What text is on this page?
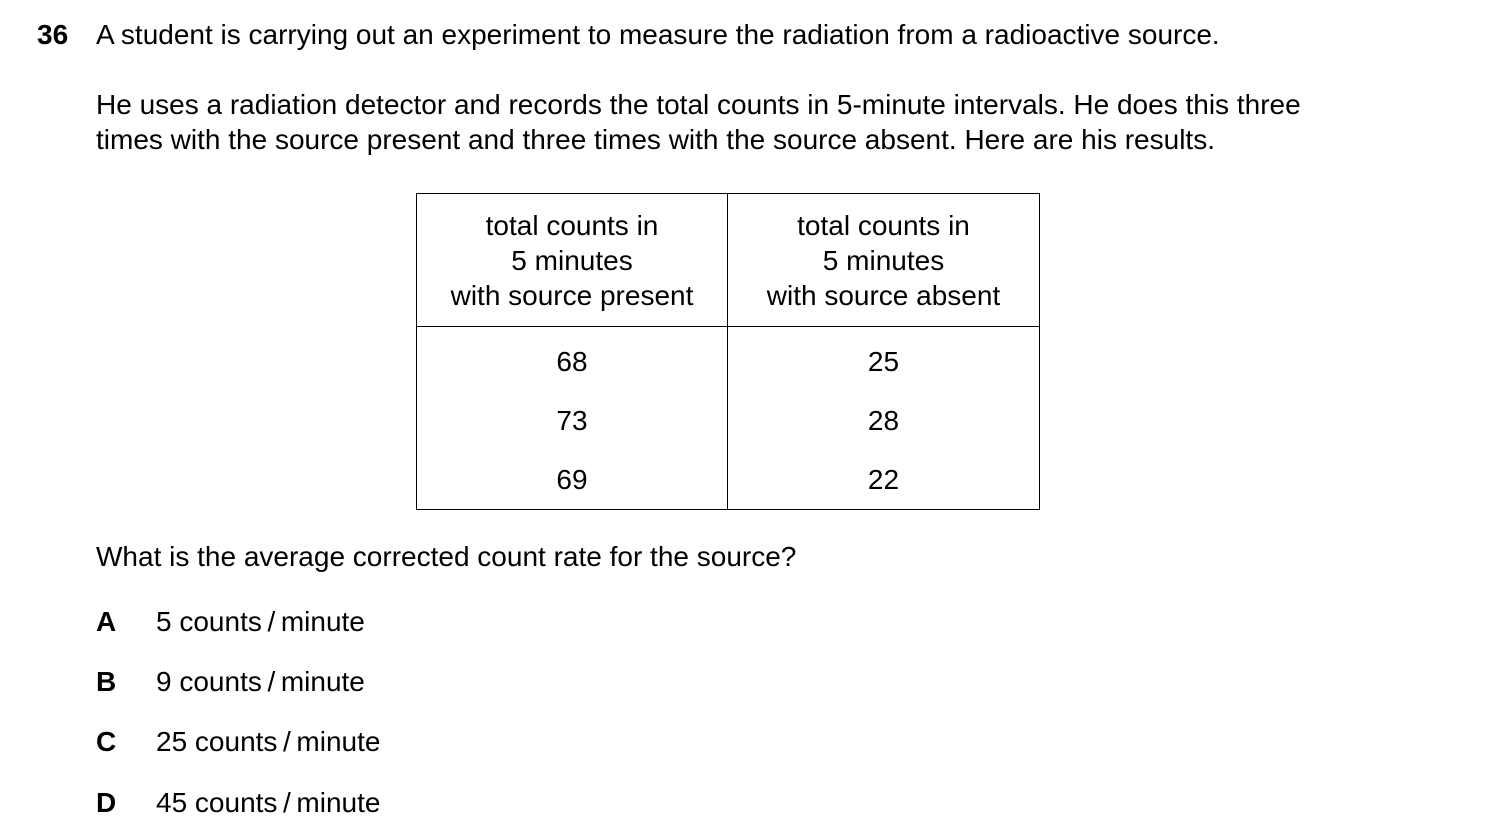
36 A student is carrying out an experiment to measure the radiation from a radioactive source.
He uses a radiation detector and records the total counts in 5-minute intervals. He does this three
times with the source present and three times with the source absent. Here are his results.
total counts in
5 minutes
with source present	total counts in
5 minutes
with source absent

68
73
69	25
28
22
What is the average corrected count rate for the source?
A 5 counts / minute
B 9 counts / minute
C 25 counts / minute
D 45 counts / minute
